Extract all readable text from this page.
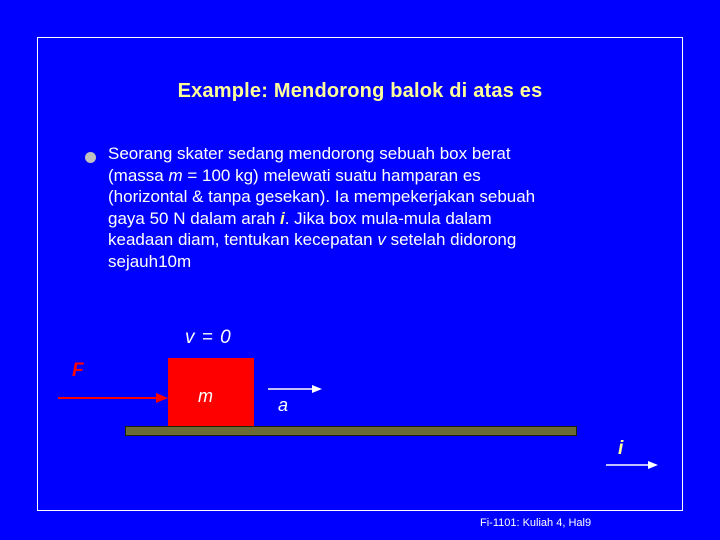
Example: Mendorong balok di atas es
Seorang skater sedang mendorong sebuah box berat
(massa m = 100 kg) melewati suatu hamparan es
(horizontal & tanpa gesekan). Ia mempekerjakan sebuah
gaya 50 N dalam arah i. Jika box mula-mula dalam
keadaan diam, tentukan kecepatan v setelah didorong
sejauh10m
v = 0
F
m	a
i
Fi-1101: Kuliah 4, Hal9
